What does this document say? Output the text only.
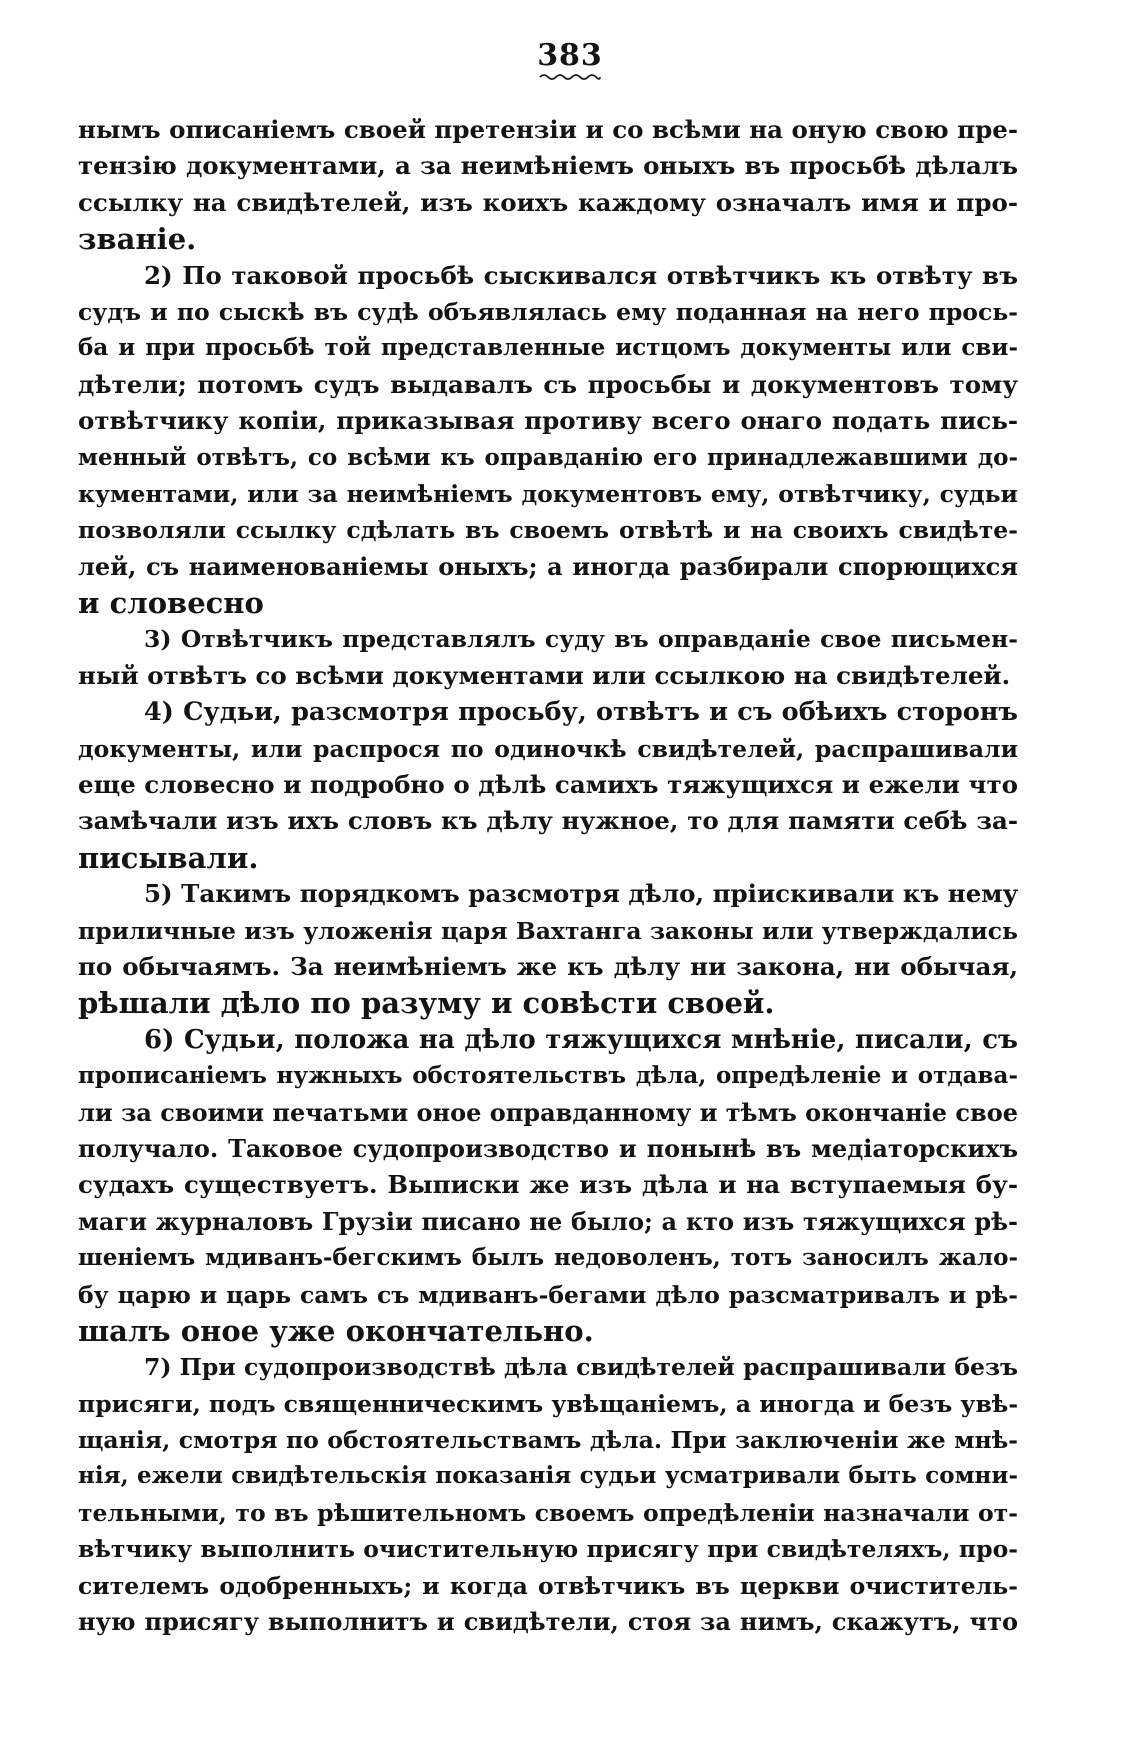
383
нымъ описаніемъ своей претензіи и со всѣми на оную свою пре-
тензію документами, а за неимѣніемъ оныхъ въ просьбѣ дѣлалъ
ссылку на свидѣтелей, изъ коихъ каждому означалъ имя и про-
званіе.
2) По таковой просьбѣ сыскивался отвѣтчикъ къ отвѣту въ
судъ и по сыскѣ въ судѣ объявлялась ему поданная на него прось-
ба и при просьбѣ той представленные истцомъ документы или сви-
дѣтели; потомъ судъ выдавалъ съ просьбы и документовъ тому
отвѣтчику копіи, приказывая противу всего онаго подать пись-
менный отвѣтъ, со всѣми къ оправданію его принадлежавшими до-
кументами, или за неимѣніемъ документовъ ему, отвѣтчику, судьи
позволяли ссылку сдѣлать въ своемъ отвѣтѣ и на своихъ свидѣте-
лей, съ наименованіемы оныхъ; а иногда разбирали спорющихся
и словесно
3) Отвѣтчикъ представлялъ суду въ оправданіе свое письмен-
ный отвѣтъ со всѣми документами или ссылкою на свидѣтелей.
4) Судьи, разсмотря просьбу, отвѣтъ и съ обѣихъ сторонъ
документы, или распрося по одиночкѣ свидѣтелей, распрашивали
еще словесно и подробно о дѣлѣ самихъ тяжущихся и ежели что
замѣчали изъ ихъ словъ къ дѣлу нужное, то для памяти себѣ за-
писывали.
5) Такимъ порядкомъ разсмотря дѣло, пріискивали къ нему
приличные изъ уложенія царя Вахтанга законы или утверждались
по обычаямъ. За неимѣніемъ же къ дѣлу ни закона, ни обычая,
рѣшали дѣло по разуму и совѣсти своей.
6) Судьи, положа на дѣло тяжущихся мнѣніе, писали, съ
прописаніемъ нужныхъ обстоятельствъ дѣла, опредѣленіе и отдава-
ли за своими печатьми оное оправданному и тѣмъ окончаніе свое
получало. Таковое судопроизводство и понынѣ въ медіаторскихъ
судахъ существуетъ. Выписки же изъ дѣла и на вступаемыя бу-
маги журналовъ Грузіи писано не было; а кто изъ тяжущихся рѣ-
шеніемъ мдиванъ-бегскимъ былъ недоволенъ, тотъ заносилъ жало-
бу царю и царь самъ съ мдиванъ-бегами дѣло разсматривалъ и рѣ-
шалъ оное уже окончательно.
7) При судопроизводствѣ дѣла свидѣтелей распрашивали безъ
присяги, подъ священническимъ увѣщаніемъ, а иногда и безъ увѣ-
щанія, смотря по обстоятельствамъ дѣла. При заключеніи же мнѣ-
нія, ежели свидѣтельскія показанія судьи усматривали быть сомни-
тельными, то въ рѣшительномъ своемъ опредѣленіи назначали от-
вѣтчику выполнить очистительную присягу при свидѣтеляхъ, про-
сителемъ одобренныхъ; и когда отвѣтчикъ въ церкви очиститель-
ную присягу выполнитъ и свидѣтели, стоя за нимъ, скажутъ, что
